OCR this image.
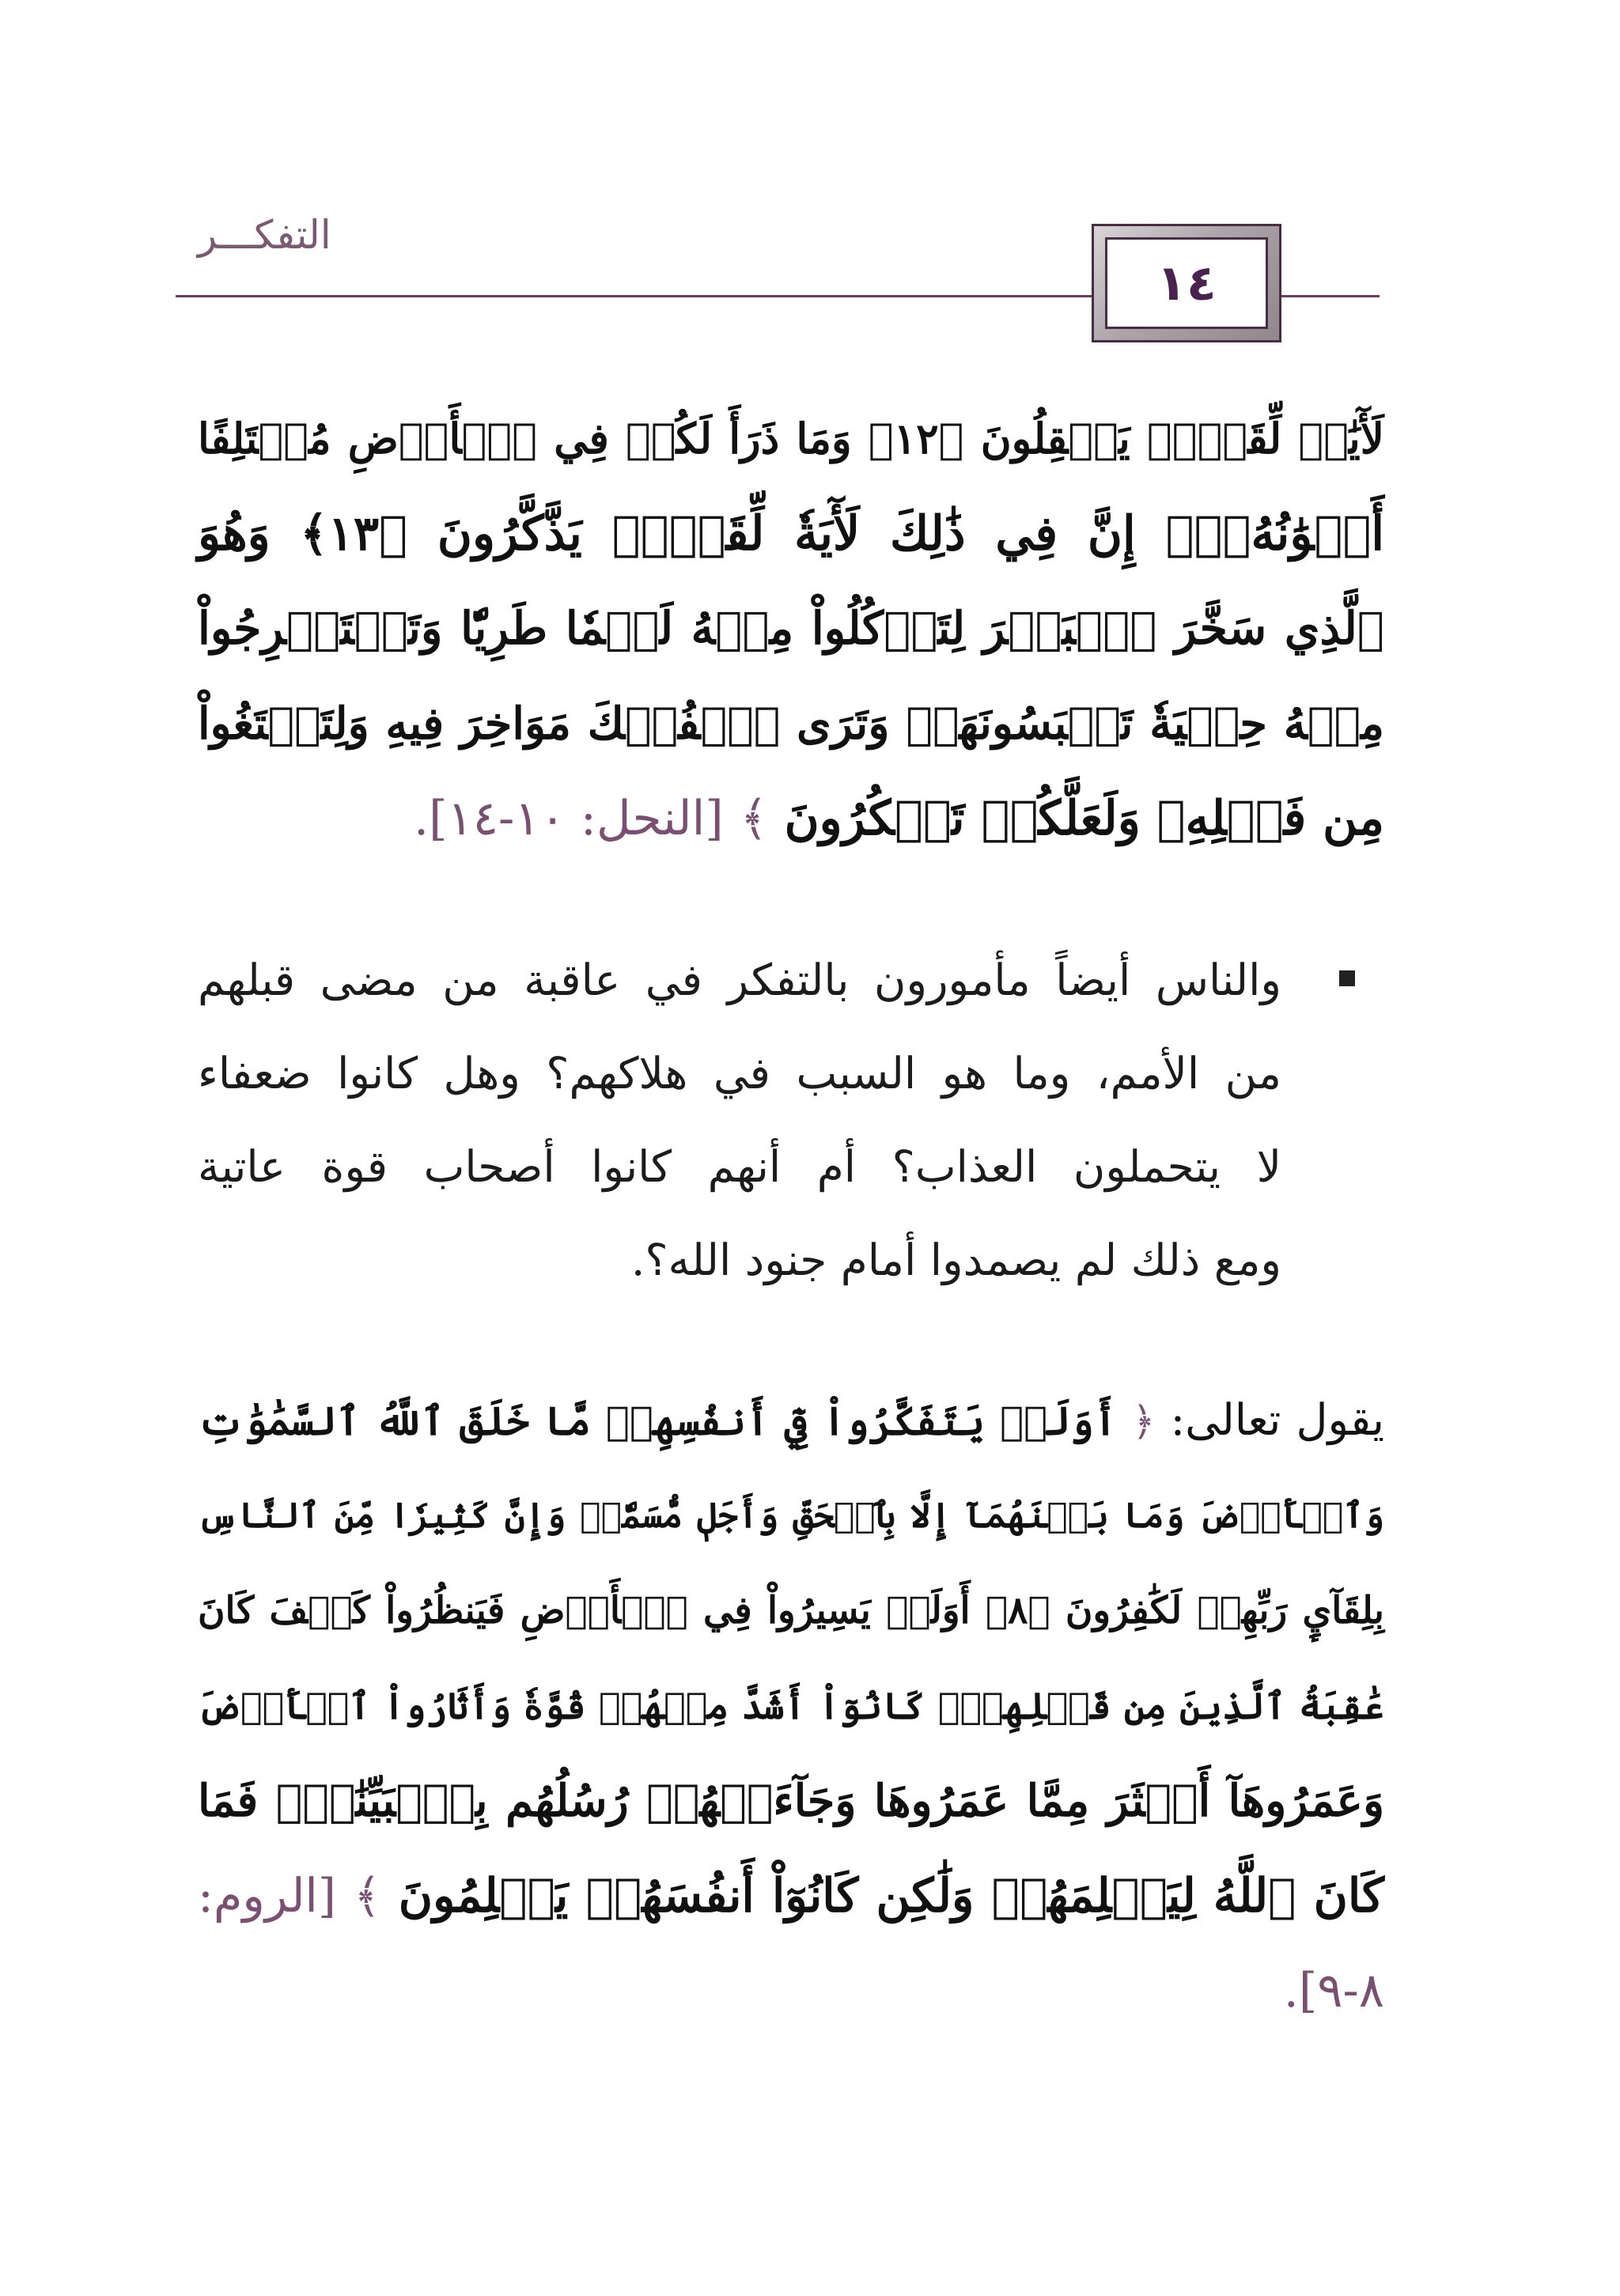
التفكـــر
١٤
لَأٓيَٰتٖ لِّقَوۡمٖ يَعۡقِلُونَ ﴿١٢﴾ وَمَا ذَرَأَ لَكُمۡ فِي ٱلۡأَرۡضِ مُخۡتَلِفًا
أَلۡوَٰنُهُۥٓۚ إِنَّ فِي ذَٰلِكَ لَأٓيَةٗ لِّقَوۡمٖ يَذَّكَّرُونَ ﴿١٣﴾ وَهُوَ
ٱلَّذِي سَخَّرَ ٱلۡبَحۡرَ لِتَأۡكُلُواْ مِنۡهُ لَحۡمٗا طَرِيّٗا وَتَسۡتَخۡرِجُواْ
مِنۡهُ حِلۡيَةٗ تَلۡبَسُونَهَاۖ وَتَرَى ٱلۡفُلۡكَ مَوَاخِرَ فِيهِ وَلِتَبۡتَغُواْ
مِن فَضۡلِهِۦ وَلَعَلَّكُمۡ تَشۡكُرُونَ ﴾ [النحل: ١٠-١٤].
والناس أيضاً مأمورون بالتفكر في عاقبة من مضى قبلهم
من الأمم، وما هو السبب في هلاكهم؟ وهل كانوا ضعفاء
لا يتحملون العذاب؟ أم أنهم كانوا أصحاب قوة عاتية
ومع ذلك لم يصمدوا أمام جنود الله؟.
يقول تعالى: ﴿ أَوَلَمۡ يَتَفَكَّرُواْ فِيٓ أَنفُسِهِمۗ مَّا خَلَقَ ٱللَّهُ ٱلسَّمَٰوَٰتِ
وَٱلۡأَرۡضَ وَمَا بَيۡنَهُمَآ إِلَّا بِٱلۡحَقِّ وَأَجَلٖ مُّسَمّٗىۗ وَإِنَّ كَثِيرٗا مِّنَ ٱلنَّاسِ
بِلِقَآيِٕ رَبِّهِمۡ لَكَٰفِرُونَ ﴿٨﴾ أَوَلَمۡ يَسِيرُواْ فِي ٱلۡأَرۡضِ فَيَنظُرُواْ كَيۡفَ كَانَ
عَٰقِبَةُ ٱلَّذِينَ مِن قَبۡلِهِمۡۚ كَانُوٓاْ أَشَدَّ مِنۡهُمۡ قُوَّةٗ وَأَثَارُواْ ٱلۡأَرۡضَ
وَعَمَرُوهَآ أَكۡثَرَ مِمَّا عَمَرُوهَا وَجَآءَتۡهُمۡ رُسُلُهُم بِٱلۡبَيِّنَٰتِۖ فَمَا
كَانَ ٱللَّهُ لِيَظۡلِمَهُمۡ وَلَٰكِن كَانُوٓاْ أَنفُسَهُمۡ يَظۡلِمُونَ ﴾ [الروم:
٨-٩].
